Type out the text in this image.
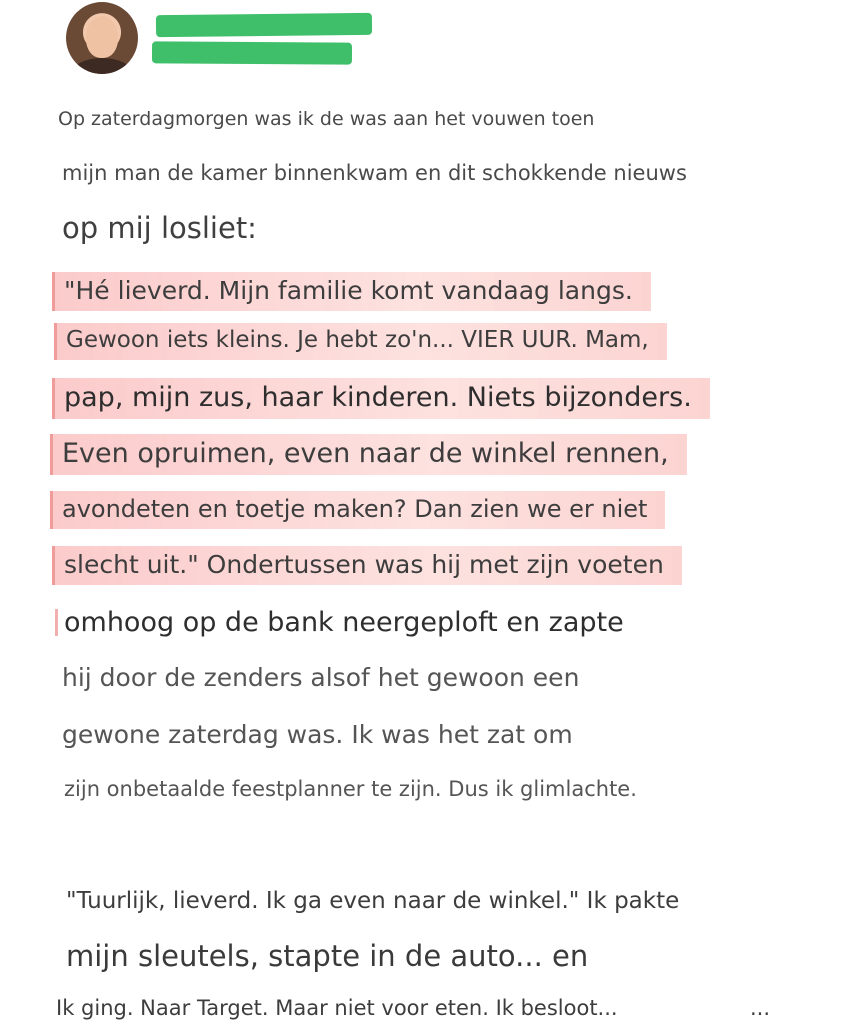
Op zaterdagmorgen was ik de was aan het vouwen toen
mijn man de kamer binnenkwam en dit schokkende nieuws
op mij losliet:
"Hé lieverd. Mijn familie komt vandaag langs.
Gewoon iets kleins. Je hebt zo'n... VIER UUR. Mam,
pap, mijn zus, haar kinderen. Niets bijzonders.
Even opruimen, even naar de winkel rennen,
avondeten en toetje maken? Dan zien we er niet
slecht uit." Ondertussen was hij met zijn voeten
omhoog op de bank neergeploft en zapte
hij door de zenders alsof het gewoon een
gewone zaterdag was. Ik was het zat om
zijn onbetaalde feestplanner te zijn. Dus ik glimlachte.
"Tuurlijk, lieverd. Ik ga even naar de winkel." Ik pakte
mijn sleutels, stapte in de auto... en
Ik ging. Naar Target. Maar niet voor eten. Ik besloot...	...
